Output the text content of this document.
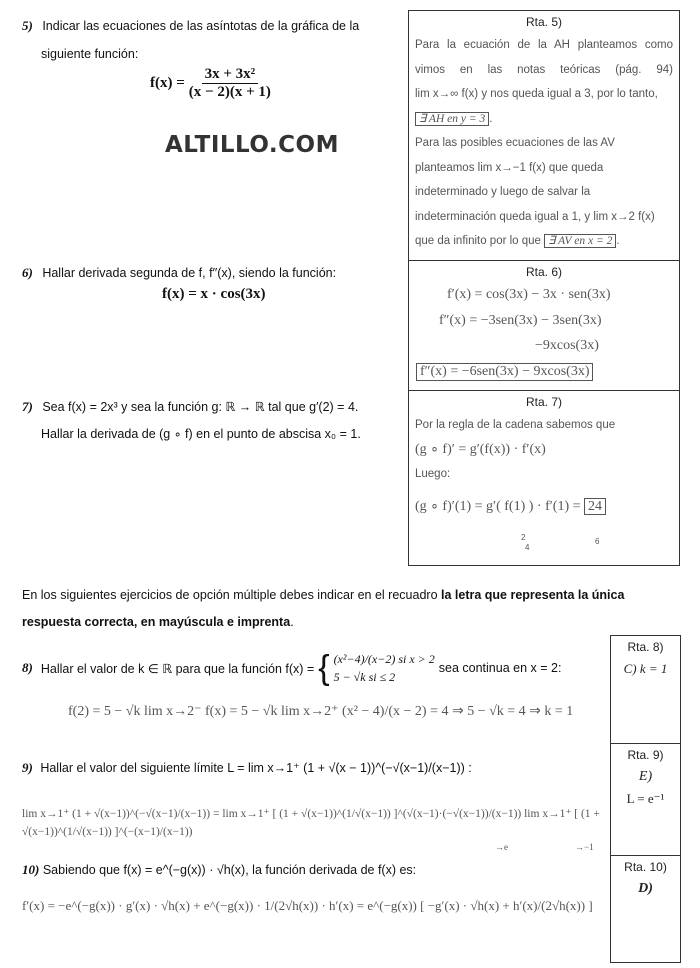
5) Indicar las ecuaciones de las asíntotas de la gráfica de la
siguiente función:
$f(x) = \frac{\text{3x + 3x²}}{(x - 2)(x + 1)}$
ALTILLO.COM
Rta. 5)
Para la ecuación de la AH planteamos como
vimos en las notas teóricas (pág. 94)
lim x→∞ f(x) y nos queda igual a 3, por lo tanto,
∃ AH en y = 3 .
Para las posibles ecuaciones de las AV
planteamos lim x→−1 f(x) que queda
indeterminado y luego de salvar la
indeterminación queda igual a 1, y lim x→2 f(x)
que da infinito por lo que ∃ AV en x = 2 .
6) Hallar derivada segunda de f, f′′(x), siendo la función:
f(x) = x · cos(3x)
Rta. 6)
f′(x) = cos(3x) − 3x · sen(3x)
f″(x) = −3sen(3x) − 3sen(3x)
−9xcos(3x)
f″(x) = −6sen(3x) − 9xcos(3x)
7) Sea f(x) = 2x³ y sea la función g: ℝ → ℝ tal que g′(2) = 4.
Hallar la derivada de (g ∘ f) en el punto de abscisa x₀ = 1.
Rta. 7)
Por la regla de la cadena sabemos que
(g ∘ f)′ = g′(f(x)) · f′(x)
Luego:
(g ∘ f)′(1) = g′( f(1) ) · f′(1) = 24
2
4
6
En los siguientes ejercicios de opción múltiple debes indicar en el recuadro la letra que representa la única respuesta correcta, en mayúscula e imprenta.
8) Hallar el valor de k ∈ ℝ para que la función f(x) = { (x²−4)/(x−2) si x > 2
5 − √k si ≤ 2
sea continua en x = 2:
f(2) = 5 − √k lim x→2⁻ f(x) = 5 − √k lim x→2⁺ (x² − 4)/(x − 2) = 4 ⇒ 5 − √k = 4 ⇒ k = 1
9) Hallar el valor del siguiente límite L = lim x→1⁺ (1 + √(x − 1))^(−√(x−1)/(x−1)) :
lim x→1⁺ (1 + √(x−1))^(−√(x−1)/(x−1)) = lim x→1⁺ [ (1 + √(x−1))^(1/√(x−1)) ]^(√(x−1)·(−√(x−1))/(x−1)) lim x→1⁺ [ (1 + √(x−1))^(1/√(x−1)) ]^(−(x−1)/(x−1))
→e	→−1
10) Sabiendo que f(x) = e^(−g(x)) · √h(x), la función derivada de f(x) es:
f′(x) = −e^(−g(x)) · g′(x) · √h(x) + e^(−g(x)) · 1/(2√h(x)) · h′(x) = e^(−g(x)) [ −g′(x) · √h(x) + h′(x)/(2√h(x)) ]
Rta. 8)
C) k = 1
Rta. 9)
E)
L = e⁻¹
Rta. 10)
D)
